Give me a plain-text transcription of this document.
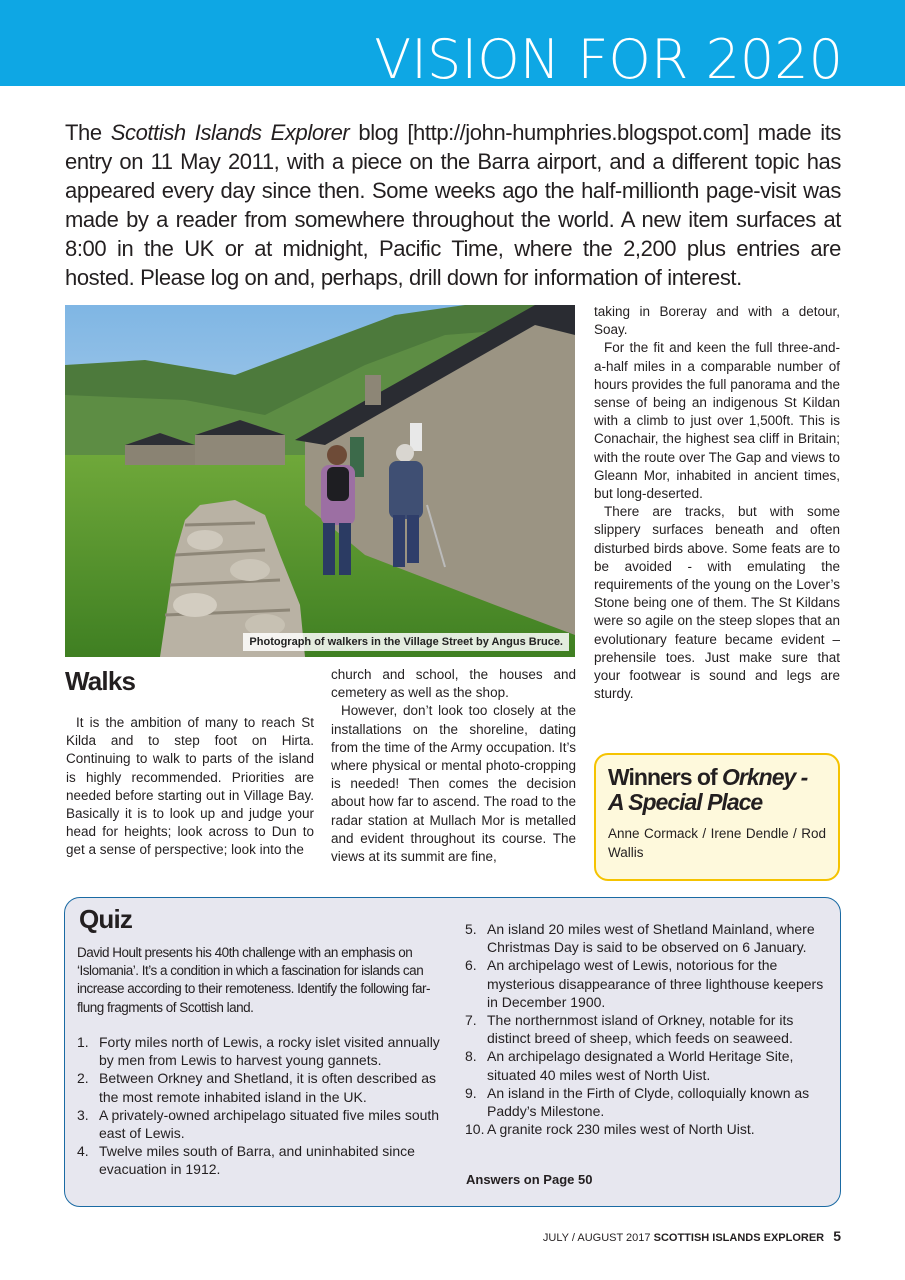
VISION FOR 2020
The Scottish Islands Explorer blog [http://john-humphries.blogspot.com] made its entry on 11 May 2011, with a piece on the Barra airport, and a different topic has appeared every day since then. Some weeks ago the half-millionth page-visit was made by a reader from somewhere throughout the world. A new item surfaces at 8:00 in the UK or at midnight, Pacific Time, where the 2,200 plus entries are hosted. Please log on and, perhaps, drill down for information of interest.
Photograph of walkers in the Village Street by Angus Bruce.
Walks

It is the ambition of many to reach St Kilda and to step foot on Hirta. Continuing to walk to parts of the island is highly recommended. Priorities are needed before starting out in Village Bay. Basically it is to look up and judge your head for heights; look across to Dun to get a sense of perspective; look into the

church and school, the houses and cemetery as well as the shop.

However, don’t look too closely at the installations on the shoreline, dating from the time of the Army occupation. It’s where physical or mental photo-cropping is needed! Then comes the decision about how far to ascend. The road to the radar station at Mullach Mor is metalled and evident throughout its course. The views at its summit are fine,

taking in Boreray and with a detour, Soay.

For the fit and keen the full three-and-a-half miles in a comparable number of hours provides the full panorama and the sense of being an indigenous St Kildan with a climb to just over 1,500ft. This is Conachair, the highest sea cliff in Britain; with the route over The Gap and views to Gleann Mor, inhabited in ancient times, but long-deserted.

There are tracks, but with some slippery surfaces beneath and often disturbed birds above. Some feats are to be avoided - with emulating the requirements of the young on the Lover’s Stone being one of them. The St Kildans were so agile on the steep slopes that an evolutionary feature became evident – prehensile toes. Just make sure that your footwear is sound and legs are sturdy.

Winners of Orkney - A Special Place
Anne Cormack / Irene Dendle / Rod Wallis
Quiz
David Hoult presents his 40th challenge with an emphasis on ‘Islomania’. It’s a condition in which a fascination for islands can increase according to their remoteness. Identify the following far-flung fragments of Scottish land.
1. Forty miles north of Lewis, a rocky islet visited annually by men from Lewis to harvest young gannets.
2. Between Orkney and Shetland, it is often described as the most remote inhabited island in the UK.
3. A privately-owned archipelago situated five miles south east of Lewis.
4. Twelve miles south of Barra, and uninhabited since evacuation in 1912.
5. An island 20 miles west of Shetland Mainland, where Christmas Day is said to be observed on 6 January.
6. An archipelago west of Lewis, notorious for the mysterious disappearance of three lighthouse keepers in December 1900.
7. The northernmost island of Orkney, notable for its distinct breed of sheep, which feeds on seaweed.
8. An archipelago designated a World Heritage Site, situated 40 miles west of North Uist.
9. An island in the Firth of Clyde, colloquially known as Paddy’s Milestone.
10. A granite rock 230 miles west of North Uist.
Answers on Page 50
JULY / AUGUST 2017 SCOTTISH ISLANDS EXPLORER 5
